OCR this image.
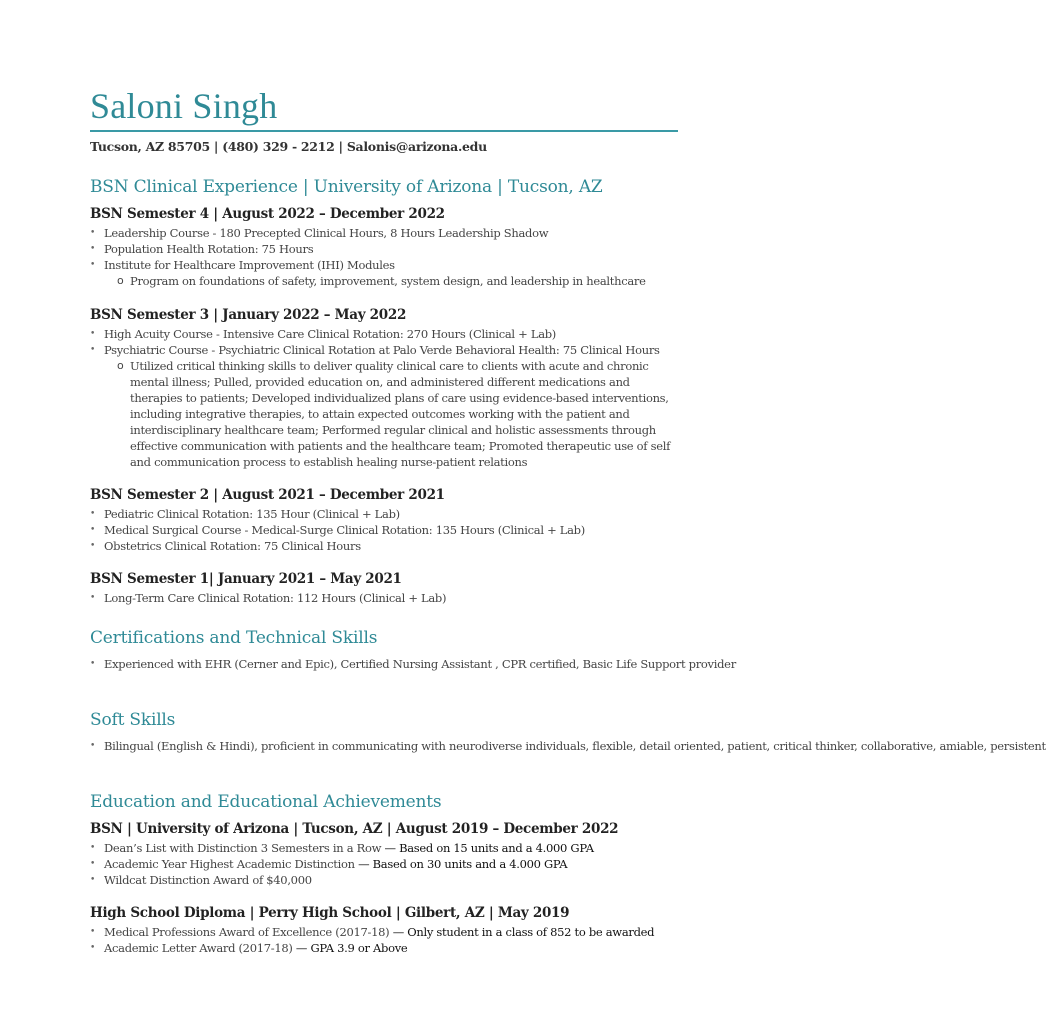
Saloni Singh
Tucson, AZ 85705 | (480) 329 - 2212 | Salonis@arizona.edu
BSN Clinical Experience | University of Arizona | Tucson, AZ
BSN Semester 4 | August 2022 – December 2022
• Leadership Course - 180 Precepted Clinical Hours, 8 Hours Leadership Shadow
• Population Health Rotation: 75 Hours
• Institute for Healthcare Improvement (IHI) Modules
o Program on foundations of safety, improvement, system design, and leadership in healthcare
BSN Semester 3 | January 2022 – May 2022
• High Acuity Course - Intensive Care Clinical Rotation: 270 Hours (Clinical + Lab)
• Psychiatric Course - Psychiatric Clinical Rotation at Palo Verde Behavioral Health: 75 Clinical Hours
o Utilized critical thinking skills to deliver quality clinical care to clients with acute and chronic mental illness; Pulled, provided education on, and administered different medications and therapies to patients; Developed individualized plans of care using evidence-based interventions, including integrative therapies, to attain expected outcomes working with the patient and interdisciplinary healthcare team; Performed regular clinical and holistic assessments through effective communication with patients and the healthcare team; Promoted therapeutic use of self and communication process to establish healing nurse-patient relations
BSN Semester 2 | August 2021 – December 2021
• Pediatric Clinical Rotation: 135 Hour (Clinical + Lab)
• Medical Surgical Course - Medical-Surge Clinical Rotation: 135 Hours (Clinical + Lab)
• Obstetrics Clinical Rotation: 75 Clinical Hours
BSN Semester 1| January 2021 – May 2021
• Long-Term Care Clinical Rotation: 112 Hours (Clinical + Lab)
Certifications and Technical Skills
• Experienced with EHR (Cerner and Epic), Certified Nursing Assistant , CPR certified, Basic Life Support provider
Soft Skills
• Bilingual (English & Hindi), proficient in communicating with neurodiverse individuals, flexible, detail oriented, patient, critical thinker, collaborative, amiable, persistent
Education and Educational Achievements
BSN | University of Arizona | Tucson, AZ | August 2019 – December 2022
• Dean’s List with Distinction 3 Semesters in a Row — Based on 15 units and a 4.000 GPA
• Academic Year Highest Academic Distinction — Based on 30 units and a 4.000 GPA
• Wildcat Distinction Award of $40,000
High School Diploma | Perry High School | Gilbert, AZ | May 2019
• Medical Professions Award of Excellence (2017-18) — Only student in a class of 852 to be awarded
• Academic Letter Award (2017-18) — GPA 3.9 or Above
